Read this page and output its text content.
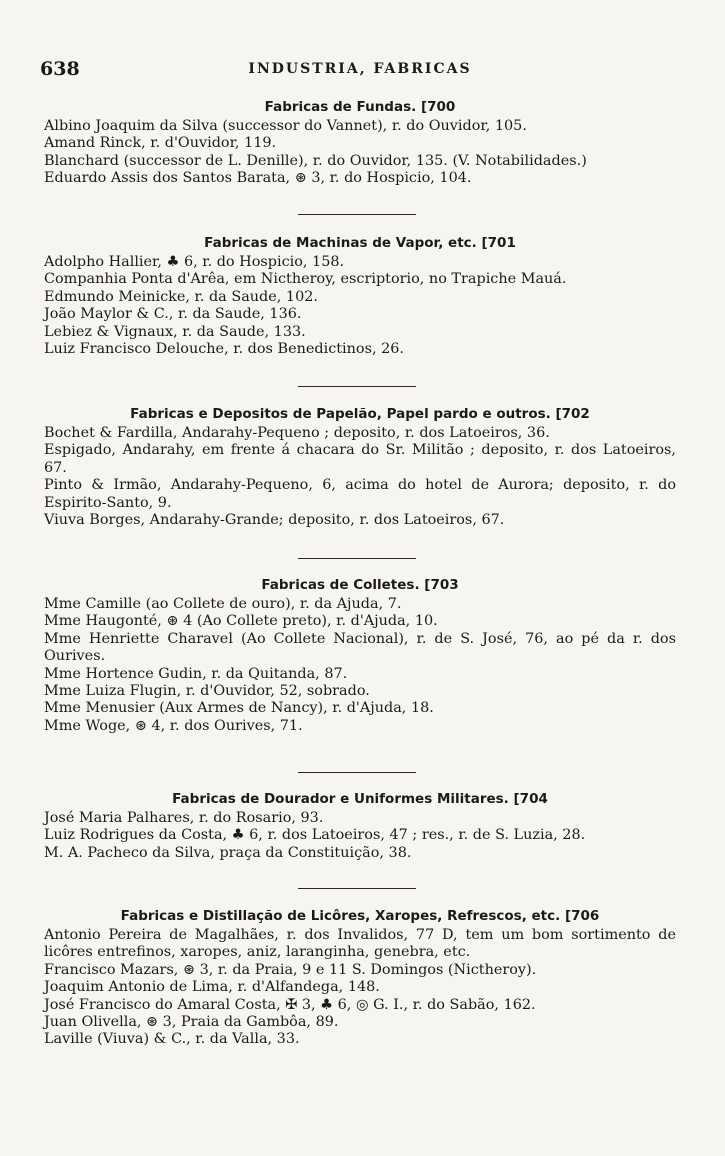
638	INDUSTRIA, FABRICAS
Fabricas de Fundas. [700
Albino Joaquim da Silva (successor do Vannet), r. do Ouvidor, 105.
Amand Rinck, r. d'Ouvidor, 119.
Blanchard (successor de L. Denille), r. do Ouvidor, 135. (V. Notabilidades.)
Eduardo Assis dos Santos Barata, ⊛ 3, r. do Hospicio, 104.
Fabricas de Machinas de Vapor, etc. [701
Adolpho Hallier, ♣ 6, r. do Hospicio, 158.
Companhia Ponta d'Arêa, em Nictheroy, escriptorio, no Trapiche Mauá.
Edmundo Meinicke, r. da Saude, 102.
João Maylor & C., r. da Saude, 136.
Lebiez & Vignaux, r. da Saude, 133.
Luiz Francisco Delouche, r. dos Benedictinos, 26.
Fabricas e Depositos de Papelão, Papel pardo e outros. [702
Bochet & Fardilla, Andarahy-Pequeno ; deposito, r. dos Latoeiros, 36.
Espigado, Andarahy, em frente á chacara do Sr. Militão ; deposito, r. dos Latoeiros, 67.
Pinto & Irmão, Andarahy-Pequeno, 6, acima do hotel de Aurora; deposito, r. do Espirito-Santo, 9.
Viuva Borges, Andarahy-Grande; deposito, r. dos Latoeiros, 67.
Fabricas de Colletes. [703
Mme Camille (ao Collete de ouro), r. da Ajuda, 7.
Mme Haugonté, ⊛ 4 (Ao Collete preto), r. d'Ajuda, 10.
Mme Henriette Charavel (Ao Collete Nacional), r. de S. José, 76, ao pé da r. dos Ourives.
Mme Hortence Gudin, r. da Quitanda, 87.
Mme Luiza Flugin, r. d'Ouvidor, 52, sobrado.
Mme Menusier (Aux Armes de Nancy), r. d'Ajuda, 18.
Mme Woge, ⊛ 4, r. dos Ourives, 71.
Fabricas de Dourador e Uniformes Militares. [704
José Maria Palhares, r. do Rosario, 93.
Luiz Rodrigues da Costa, ♣ 6, r. dos Latoeiros, 47 ; res., r. de S. Luzia, 28.
M. A. Pacheco da Silva, praça da Constituição, 38.
Fabricas e Distillação de Licôres, Xaropes, Refrescos, etc. [706
Antonio Pereira de Magalhães, r. dos Invalidos, 77 D, tem um bom sortimento de licôres entrefinos, xaropes, aniz, laranginha, genebra, etc.
Francisco Mazars, ⊛ 3, r. da Praia, 9 e 11 S. Domingos (Nictheroy).
Joaquim Antonio de Lima, r. d'Alfandega, 148.
José Francisco do Amaral Costa, ✠ 3, ♣ 6, ◎ G. I., r. do Sabão, 162.
Juan Olivella, ⊛ 3, Praia da Gambôa, 89.
Laville (Viuva) & C., r. da Valla, 33.
